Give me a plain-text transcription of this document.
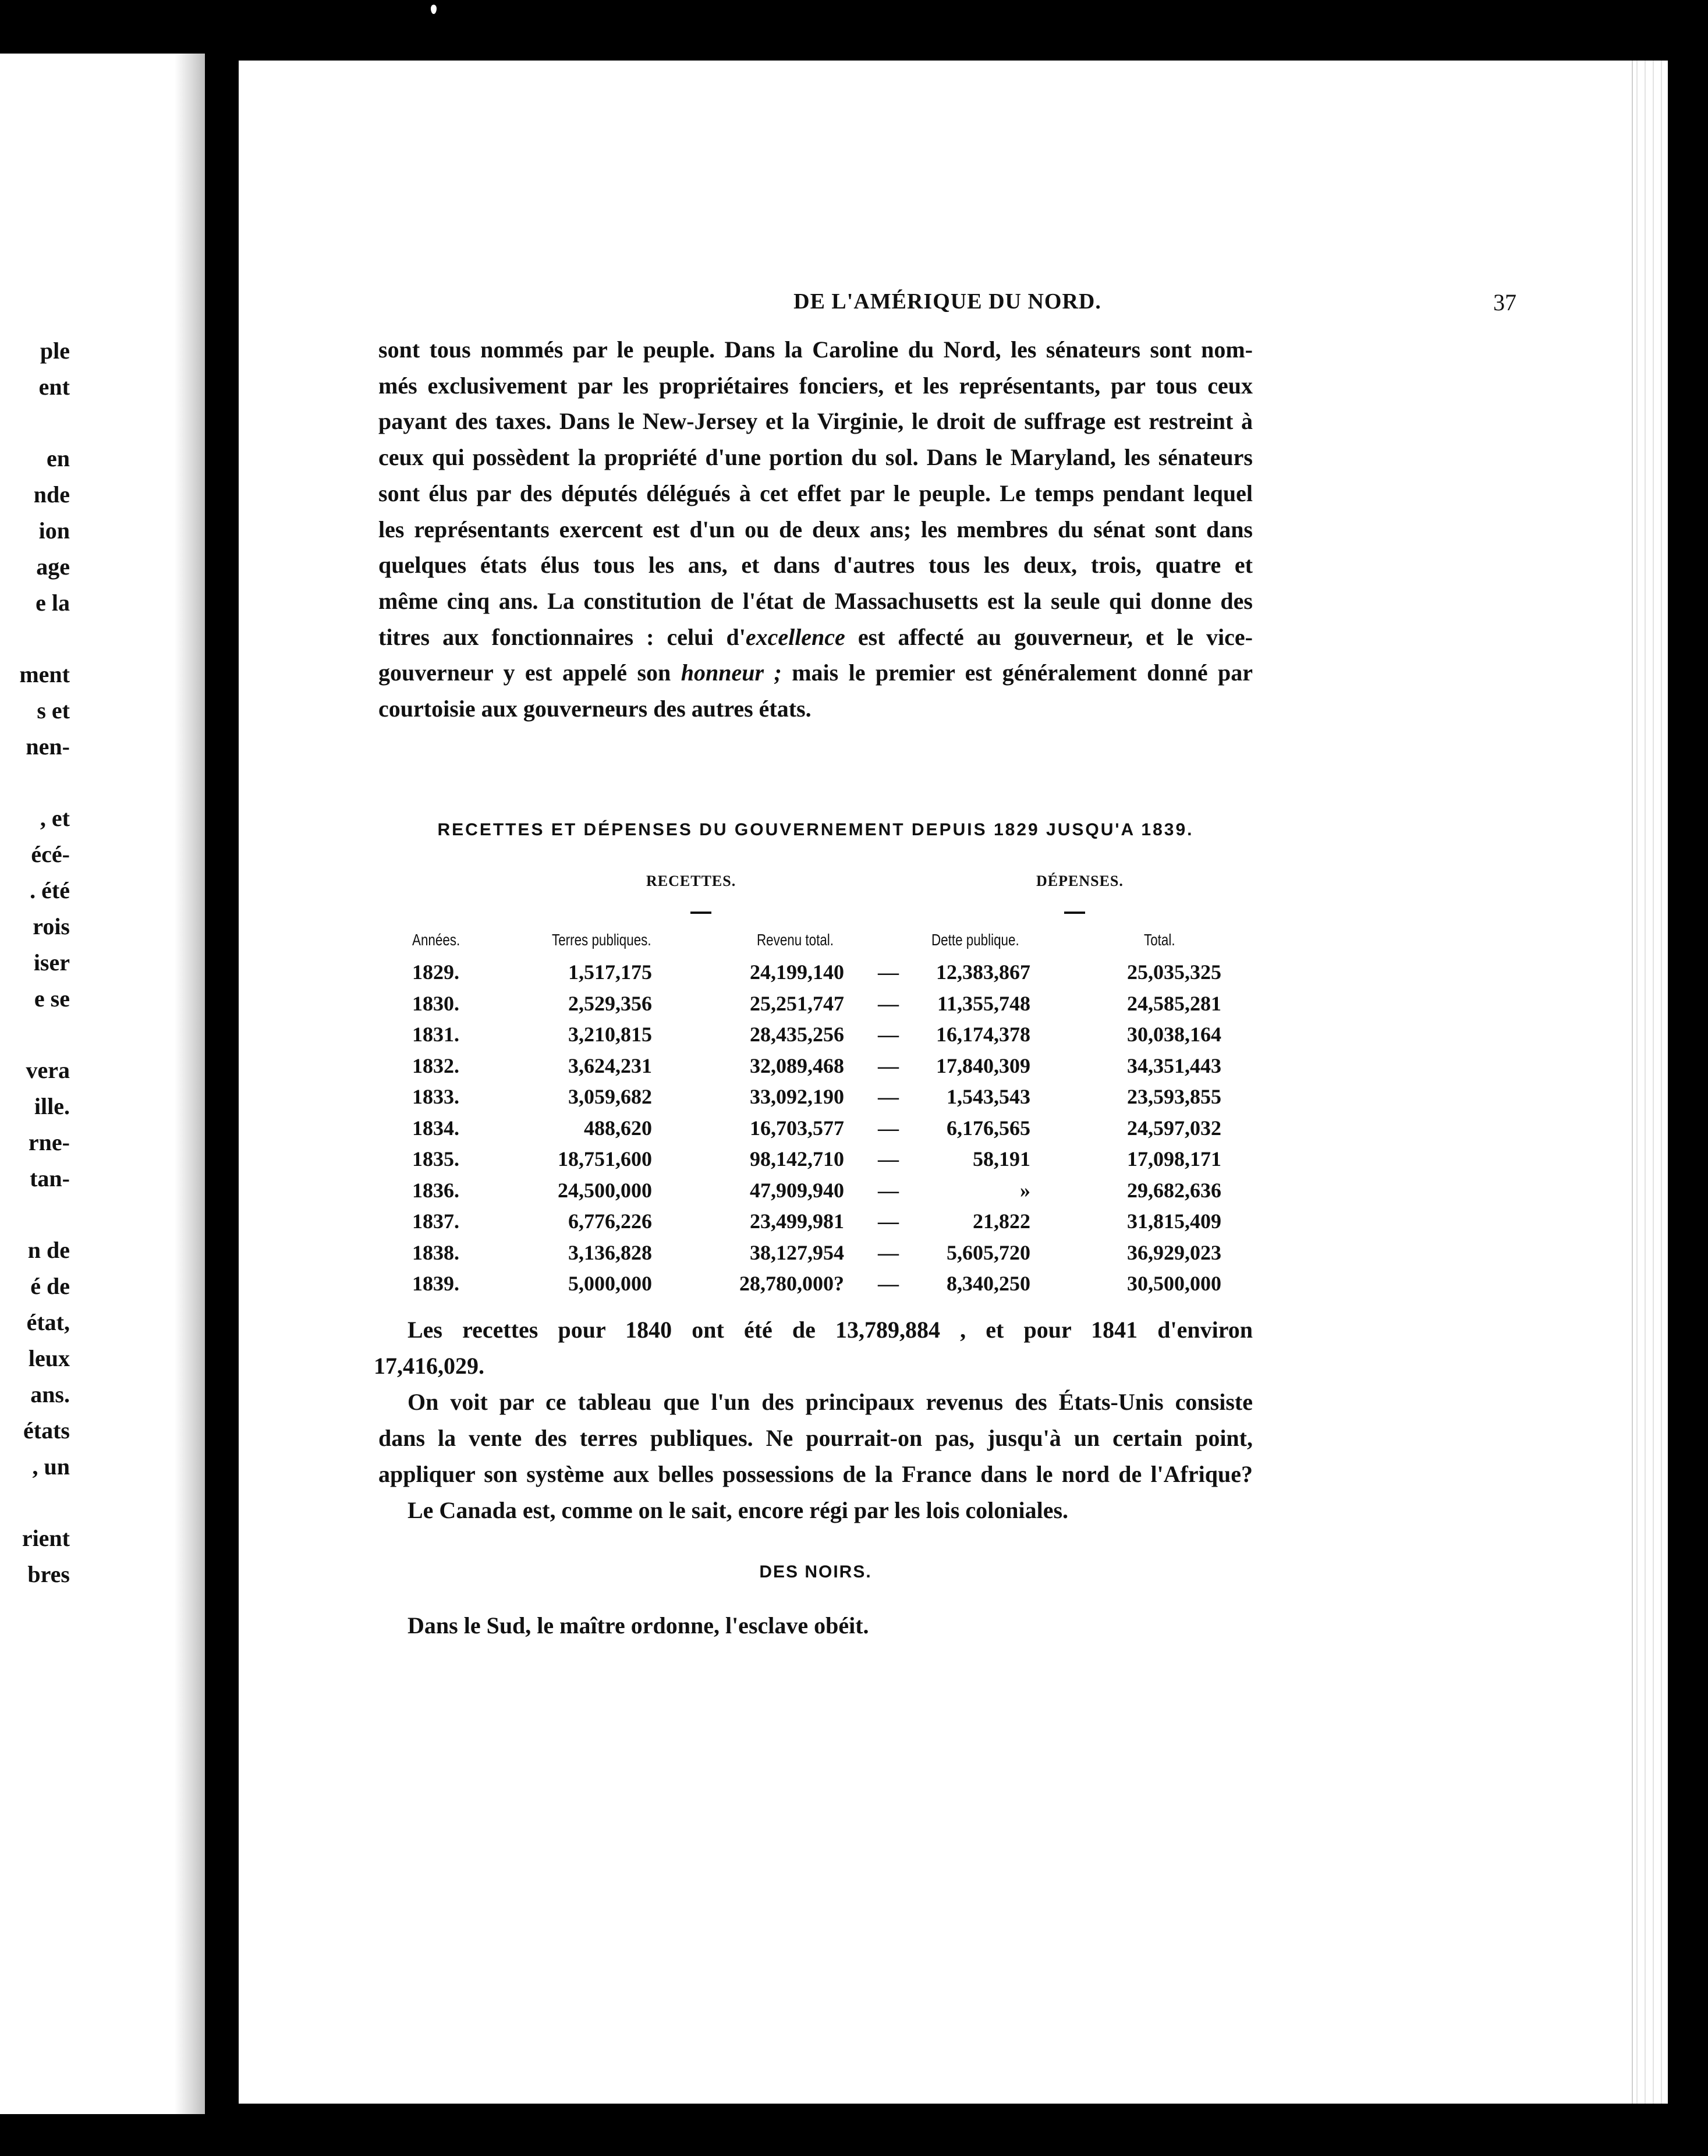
ple
ent
en
nde
ion
age
e la
ment
s et
nen-
, et
écé-
. été
rois
iser
e se
vera
ille.
rne-
tan-
n de
é de
état,
leux
ans.
états
, un
rient
bres
DE L'AMÉRIQUE DU NORD.	37
sont tous nommés par le peuple. Dans la Caroline du Nord, les sénateurs sont nom-
més exclusivement par les propriétaires fonciers, et les représentants, par tous ceux
payant des taxes. Dans le New-Jersey et la Virginie, le droit de suffrage est restreint à
ceux qui possèdent la propriété d'une portion du sol. Dans le Maryland, les sénateurs
sont élus par des députés délégués à cet effet par le peuple. Le temps pendant lequel
les représentants exercent est d'un ou de deux ans; les membres du sénat sont dans
quelques états élus tous les ans, et dans d'autres tous les deux, trois, quatre et
même cinq ans. La constitution de l'état de Massachusetts est la seule qui donne des
titres aux fonctionnaires : celui d'excellence est affecté au gouverneur, et le vice-
gouverneur y est appelé son honneur ; mais le premier est généralement donné par
courtoisie aux gouverneurs des autres états.
RECETTES ET DÉPENSES DU GOUVERNEMENT DEPUIS 1829 JUSQU'A 1839.
RECETTES.	DÉPENSES.
Années.	Terres publiques.	Revenu total.	Dette publique.	Total.
1829.	1,517,175	24,199,140 — 12,383,867	25,035,325
1830.	2,529,356	25,251,747 — 11,355,748	24,585,281
1831.	3,210,815	28,435,256 — 16,174,378	30,038,164
1832.	3,624,231	32,089,468 — 17,840,309	34,351,443
1833.	3,059,682	33,092,190 — 1,543,543	23,593,855
1834.	488,620	16,703,577 — 6,176,565	24,597,032
1835.	18,751,600	98,142,710 —	58,191	17,098,171
1836.	24,500,000	47,909,940 —	»	29,682,636
1837.	6,776,226	23,499,981 —	21,822	31,815,409
1838.	3,136,828	38,127,954 — 5,605,720	36,929,023
1839.	5,000,000	28,780,000? — 8,340,250	30,500,000
Les recettes pour 1840 ont été de 13,789,884 , et pour 1841 d'environ
17,416,029.
On voit par ce tableau que l'un des principaux revenus des États-Unis consiste
dans la vente des terres publiques. Ne pourrait-on pas, jusqu'à un certain point,
appliquer son système aux belles possessions de la France dans le nord de l'Afrique?
Le Canada est, comme on le sait, encore régi par les lois coloniales.
DES NOIRS.
Dans le Sud, le maître ordonne, l'esclave obéit.
